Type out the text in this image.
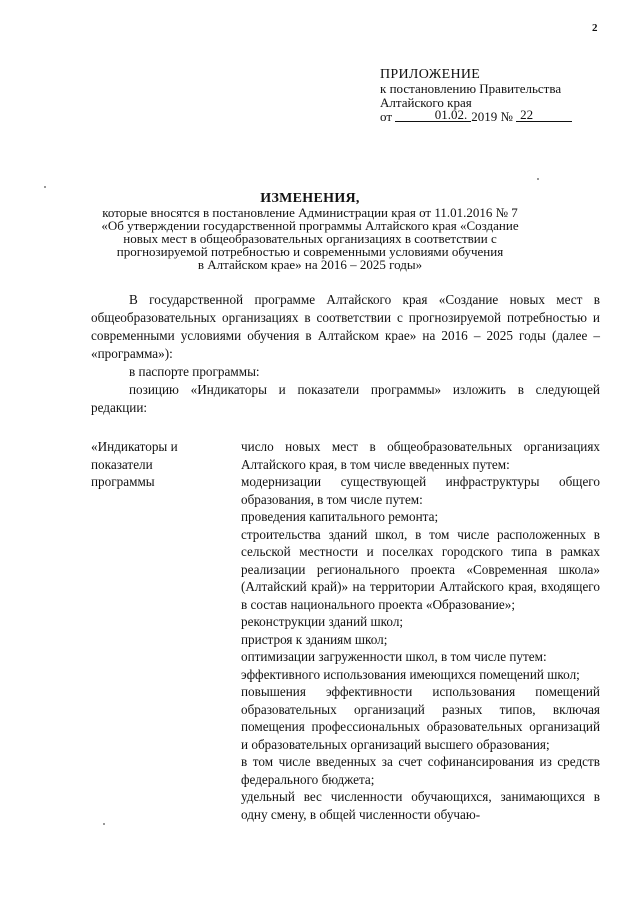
2
ПРИЛОЖЕНИЕ
к постановлению Правительства
Алтайского края
от	01.02. 2019 № 22
ИЗМЕНЕНИЯ,
которые вносятся в постановление Администрации края от 11.01.2016 № 7
«Об утверждении государственной программы Алтайского края «Создание
новых мест в общеобразовательных организациях в соответствии с
прогнозируемой потребностью и современными условиями обучения
в Алтайском крае» на 2016 – 2025 годы»

В государственной программе Алтайского края «Создание новых мест в общеобразовательных организациях в соответствии с прогнозируемой потребностью и современными условиями обучения в Алтайском крае» на 2016 – 2025 годы (далее – «программа»):

в паспорте программы:

позицию «Индикаторы и показатели программы» изложить в следующей редакции:

«Индикаторы и
показатели
программы

число новых мест в общеобразовательных организациях Алтайского края, в том числе введенных путем:

модернизации существующей инфраструктуры общего образования, в том числе путем:

проведения капитального ремонта;

строительства зданий школ, в том числе расположенных в сельской местности и поселках городского типа в рамках реализации регионального проекта «Современная школа» (Алтайский край)» на территории Алтайского края, входящего в состав национального проекта «Образование»;

реконструкции зданий школ;

пристроя к зданиям школ;

оптимизации загруженности школ, в том числе путем:

эффективного использования имеющихся помещений школ;

повышения эффективности использования помещений образовательных организаций разных типов, включая помещения профессиональных образовательных организаций и образовательных организаций высшего образования;

в том числе введенных за счет софинансирования из средств федерального бюджета;

удельный вес численности обучающихся, занимающихся в одну смену, в общей численности обучаю-
